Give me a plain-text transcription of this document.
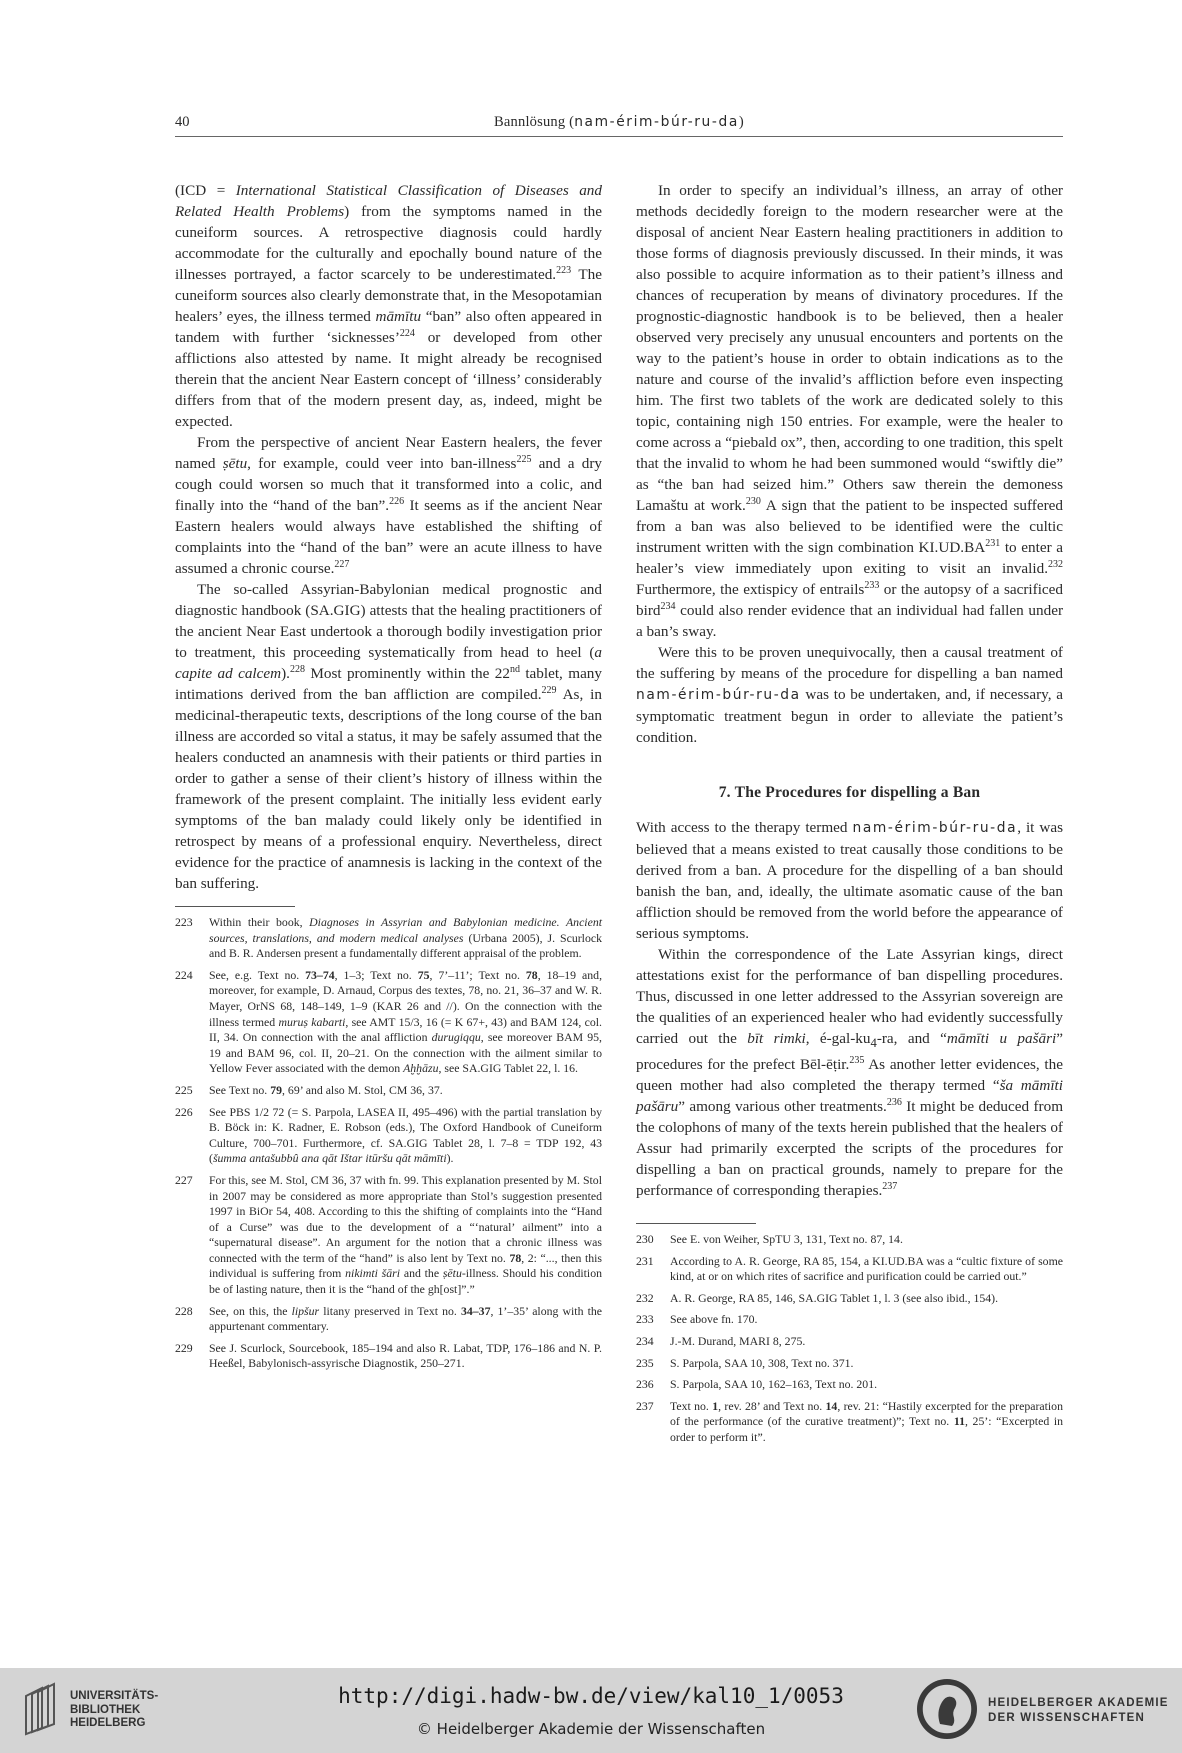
40	Bannlösung (nam-érim-búr-ru-da)

(ICD = International Statistical Classification of Diseases and Related Health Problems) from the symptoms named in the cuneiform sources. A retrospective diagnosis could hardly accommodate for the culturally and epochally bound nature of the illnesses portrayed, a factor scarcely to be underestimated.$^{223}$ The cuneiform sources also clearly demonstrate that, in the Mesopotamian healers’ eyes, the illness termed māmītu “ban” also often appeared in tandem with further ‘sicknesses’$^{224}$ or developed from other afflictions also attested by name. It might already be recognised therein that the ancient Near Eastern concept of ‘illness’ considerably differs from that of the modern present day, as, indeed, might be expected.

From the perspective of ancient Near Eastern healers, the fever named ṣētu, for example, could veer into ban-illness$^{225}$ and a dry cough could worsen so much that it transformed into a colic, and finally into the “hand of the ban”.$^{226}$ It seems as if the ancient Near Eastern healers would always have established the shifting of complaints into the “hand of the ban” were an acute illness to have assumed a chronic course.$^{227}$

The so-called Assyrian-Babylonian medical prognostic and diagnostic handbook (SA.GIG) attests that the healing practitioners of the ancient Near East undertook a thorough bodily investigation prior to treatment, this proceeding systematically from head to heel (a capite ad calcem).$^{228}$ Most prominently within the 22nd tablet, many intimations derived from the ban affliction are compiled.$^{229}$ As, in medicinal-therapeutic texts, descriptions of the long course of the ban illness are accorded so vital a status, it may be safely assumed that the healers conducted an anamnesis with their patients or third parties in order to gather a sense of their client’s history of illness within the framework of the present complaint. The initially less evident early symptoms of the ban malady could likely only be identified in retrospect by means of a professional enquiry. Nevertheless, direct evidence for the practice of anamnesis is lacking in the context of the ban suffering.

223	Within their book, Diagnoses in Assyrian and Babylonian medicine. Ancient sources, translations, and modern medical analyses (Urbana 2005), J. Scurlock and B. R. Andersen present a fundamentally different appraisal of the problem.
224	See, e.g. Text no. 73–74, 1–3; Text no. 75, 7’–11’; Text no. 78, 18–19 and, moreover, for example, D. Arnaud, Corpus des textes, 78, no. 21, 36–37 and W. R. Mayer, OrNS 68, 148–149, 1–9 (KAR 26 and //). On the connection with the illness termed muruṣ kabarti, see AMT 15/3, 16 (= K 67+, 43) and BAM 124, col. II, 34. On connection with the anal affliction durugiqqu, see moreover BAM 95, 19 and BAM 96, col. II, 20–21. On the connection with the ailment similar to Yellow Fever associated with the demon Aḫḫāzu, see SA.GIG Tablet 22, l. 16.
225	See Text no. 79, 69’ and also M. Stol, CM 36, 37.
226	See PBS 1/2 72 (= S. Parpola, LASEA II, 495–496) with the partial translation by B. Böck in: K. Radner, E. Robson (eds.), The Oxford Handbook of Cuneiform Culture, 700–701. Furthermore, cf. SA.GIG Tablet 28, l. 7–8 = TDP 192, 43 (šumma antašubbû ana qāt Ištar itūršu qāt māmīti).
227	For this, see M. Stol, CM 36, 37 with fn. 99. This explanation presented by M. Stol in 2007 may be considered as more appropriate than Stol’s suggestion presented 1997 in BiOr 54, 408. According to this the shifting of complaints into the “Hand of a Curse” was due to the development of a “‘natural’ ailment” into a “supernatural disease”. An argument for the notion that a chronic illness was connected with the term of the “hand” is also lent by Text no. 78, 2: “..., then this individual is suffering from nikimti šāri and the ṣētu-illness. Should his condition be of lasting nature, then it is the “hand of the gh[ost]”.”
228	See, on this, the lipšur litany preserved in Text no. 34–37, 1’–35’ along with the appurtenant commentary.
229	See J. Scurlock, Sourcebook, 185–194 and also R. Labat, TDP, 176–186 and N. P. Heeßel, Babylonisch-assyrische Diagnostik, 250–271.

In order to specify an individual’s illness, an array of other methods decidedly foreign to the modern researcher were at the disposal of ancient Near Eastern healing practitioners in addition to those forms of diagnosis previously discussed. In their minds, it was also possible to acquire information as to their patient’s illness and chances of recuperation by means of divinatory procedures. If the prognostic-diagnostic handbook is to be believed, then a healer observed very precisely any unusual encounters and portents on the way to the patient’s house in order to obtain indications as to the nature and course of the invalid’s affliction before even inspecting him. The first two tablets of the work are dedicated solely to this topic, containing nigh 150 entries. For example, were the healer to come across a “piebald ox”, then, according to one tradition, this spelt that the invalid to whom he had been summoned would “swiftly die” as “the ban had seized him.” Others saw therein the demoness Lamaštu at work.$^{230}$ A sign that the patient to be inspected suffered from a ban was also believed to be identified were the cultic instrument written with the sign combination KI.UD.BA$^{231}$ to enter a healer’s view immediately upon exiting to visit an invalid.$^{232}$ Furthermore, the extispicy of entrails$^{233}$ or the autopsy of a sacrificed bird$^{234}$ could also render evidence that an individual had fallen under a ban’s sway.

Were this to be proven unequivocally, then a causal treatment of the suffering by means of the procedure for dispelling a ban named nam-érim-búr-ru-da was to be undertaken, and, if necessary, a symptomatic treatment begun in order to alleviate the patient’s condition.

7. The Procedures for dispelling a Ban

With access to the therapy termed nam-érim-búr-ru-da, it was believed that a means existed to treat causally those conditions to be derived from a ban. A procedure for the dispelling of a ban should banish the ban, and, ideally, the ultimate asomatic cause of the ban affliction should be removed from the world before the appearance of serious symptoms.

Within the correspondence of the Late Assyrian kings, direct attestations exist for the performance of ban dispelling procedures. Thus, discussed in one letter addressed to the Assyrian sovereign are the qualities of an experienced healer who had evidently successfully carried out the bīt rimki, $é-gal-ku_4-ra$, and “māmīti u pašāri” procedures for the prefect Bēl-ēṭir.$^{235}$ As another letter evidences, the queen mother had also completed the therapy termed “ša māmīti pašāru” among various other treatments.$^{236}$ It might be deduced from the colophons of many of the texts herein published that the healers of Assur had primarily excerpted the scripts of the procedures for dispelling a ban on practical grounds, namely to prepare for the performance of corresponding therapies.$^{237}$

230	See E. von Weiher, SpTU 3, 131, Text no. 87, 14.
231	According to A. R. George, RA 85, 154, a KI.UD.BA was a “cultic fixture of some kind, at or on which rites of sacrifice and purification could be carried out.”
232	A. R. George, RA 85, 146, SA.GIG Tablet 1, l. 3 (see also ibid., 154).
233	See above fn. 170.
234	J.-M. Durand, MARI 8, 275.
235	S. Parpola, SAA 10, 308, Text no. 371.
236	S. Parpola, SAA 10, 162–163, Text no. 201.
237	Text no. 1, rev. 28’ and Text no. 14, rev. 21: “Hastily excerpted for the preparation of the performance (of the curative treatment)”; Text no. 11, 25’: “Excerpted in order to perform it”.
UNIVERSITÄTS-
BIBLIOTHEK
HEIDELBERG
http://digi.hadw-bw.de/view/kal10_1/0053
© Heidelberger Akademie der Wissenschaften
HEIDELBERGER AKADEMIE
DER WISSENSCHAFTEN
